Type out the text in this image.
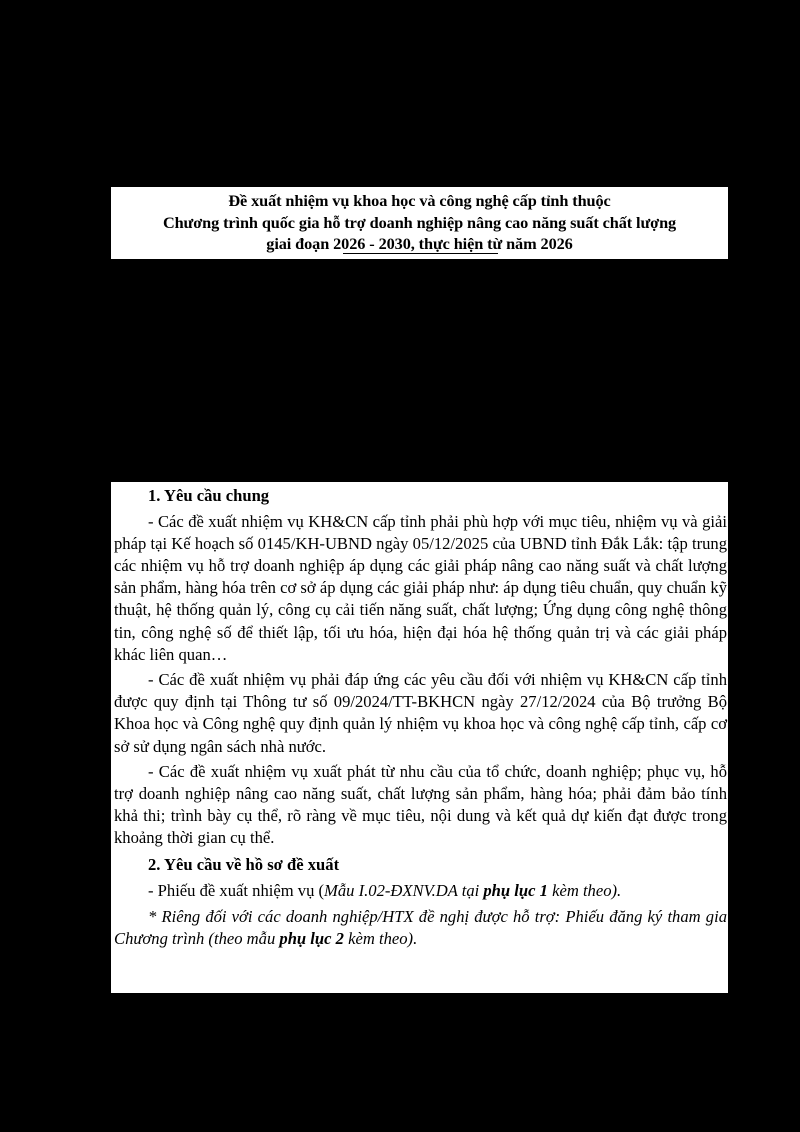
Đề xuất nhiệm vụ khoa học và công nghệ cấp tỉnh thuộc
Chương trình quốc gia hỗ trợ doanh nghiệp nâng cao năng suất chất lượng
giai đoạn 2026 - 2030, thực hiện từ năm 2026

1. Yêu cầu chung

- Các đề xuất nhiệm vụ KH&CN cấp tỉnh phải phù hợp với mục tiêu, nhiệm vụ và giải pháp tại Kế hoạch số 0145/KH-UBND ngày 05/12/2025 của UBND tỉnh Đắk Lắk: tập trung các nhiệm vụ hỗ trợ doanh nghiệp áp dụng các giải pháp nâng cao năng suất và chất lượng sản phẩm, hàng hóa trên cơ sở áp dụng các giải pháp như: áp dụng tiêu chuẩn, quy chuẩn kỹ thuật, hệ thống quản lý, công cụ cải tiến năng suất, chất lượng; Ứng dụng công nghệ thông tin, công nghệ số để thiết lập, tối ưu hóa, hiện đại hóa hệ thống quản trị và các giải pháp khác liên quan…

- Các đề xuất nhiệm vụ phải đáp ứng các yêu cầu đối với nhiệm vụ KH&CN cấp tỉnh được quy định tại Thông tư số 09/2024/TT-BKHCN ngày 27/12/2024 của Bộ trưởng Bộ Khoa học và Công nghệ quy định quản lý nhiệm vụ khoa học và công nghệ cấp tỉnh, cấp cơ sở sử dụng ngân sách nhà nước.

- Các đề xuất nhiệm vụ xuất phát từ nhu cầu của tổ chức, doanh nghiệp; phục vụ, hỗ trợ doanh nghiệp nâng cao năng suất, chất lượng sản phẩm, hàng hóa; phải đảm bảo tính khả thi; trình bày cụ thể, rõ ràng về mục tiêu, nội dung và kết quả dự kiến đạt được trong khoảng thời gian cụ thể.

2. Yêu cầu về hồ sơ đề xuất

- Phiếu đề xuất nhiệm vụ (Mẫu I.02-ĐXNV.DA tại phụ lục 1 kèm theo).

* Riêng đối với các doanh nghiệp/HTX đề nghị được hỗ trợ: Phiếu đăng ký tham gia Chương trình (theo mẫu phụ lục 2 kèm theo).
